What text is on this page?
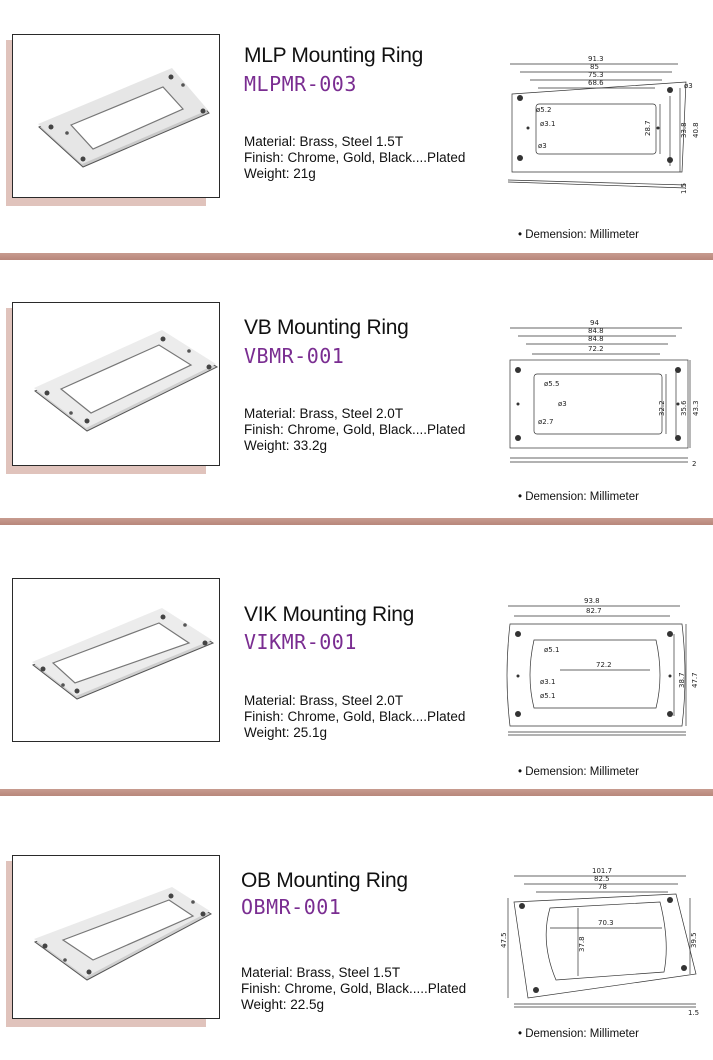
MLP Mounting Ring
MLPMR-003
Material: Brass, Steel 1.5T
Finish: Chrome, Gold, Black....Plated
Weight: 21g
91.3
85
75.3
68.6
ø5.2
ø3.1
ø3
ø3
28.7	33.8 40.8
1.5
• Demension: Millimeter
VB Mounting Ring
VBMR-001
Material: Brass, Steel 2.0T
Finish: Chrome, Gold, Black....Plated
Weight: 33.2g
94
84.8
84.8
72.2
ø5.5
ø3
ø2.7
32.2 35.6 43.3
2
• Demension: Millimeter
VIK Mounting Ring
VIKMR-001
Material: Brass, Steel 2.0T
Finish: Chrome, Gold, Black....Plated
Weight: 25.1g
93.8
82.7
72.2
ø5.1
ø3.1
ø5.1
38.7 47.7
• Demension: Millimeter
OB Mounting Ring
OBMR-001
Material: Brass, Steel 1.5T
Finish: Chrome, Gold, Black.....Plated
Weight: 22.5g
101.7
82.5
78
70.3
37.8	39.5
47.5
1.5
• Demension: Millimeter
